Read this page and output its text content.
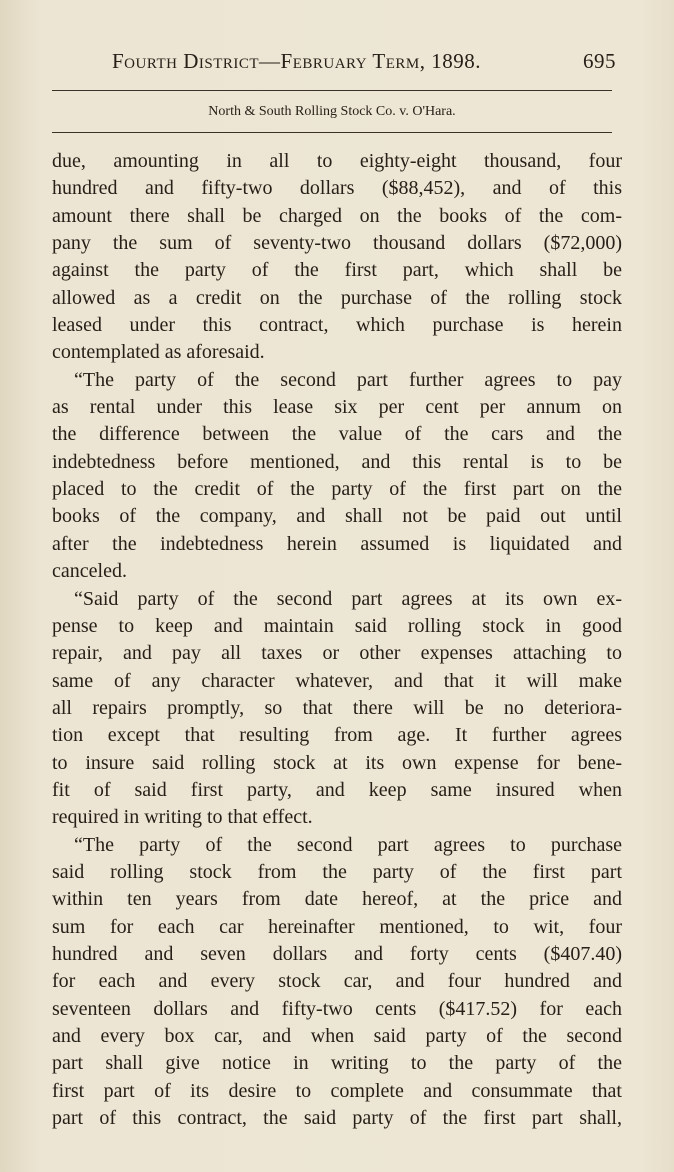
Fourth District—February Term, 1898.	695
North & South Rolling Stock Co. v. O'Hara.
due, amounting in all to eighty-eight thousand, four
hundred and fifty-two dollars ($88,452), and of this
amount there shall be charged on the books of the com-
pany the sum of seventy-two thousand dollars ($72,000)
against the party of the first part, which shall be
allowed as a credit on the purchase of the rolling stock
leased under this contract, which purchase is herein
contemplated as aforesaid.
“The party of the second part further agrees to pay
as rental under this lease six per cent per annum on
the difference between the value of the cars and the
indebtedness before mentioned, and this rental is to be
placed to the credit of the party of the first part on the
books of the company, and shall not be paid out until
after the indebtedness herein assumed is liquidated and
canceled.
“Said party of the second part agrees at its own ex-
pense to keep and maintain said rolling stock in good
repair, and pay all taxes or other expenses attaching to
same of any character whatever, and that it will make
all repairs promptly, so that there will be no deteriora-
tion except that resulting from age. It further agrees
to insure said rolling stock at its own expense for bene-
fit of said first party, and keep same insured when
required in writing to that effect.
“The party of the second part agrees to purchase
said rolling stock from the party of the first part
within ten years from date hereof, at the price and
sum for each car hereinafter mentioned, to wit, four
hundred and seven dollars and forty cents ($407.40)
for each and every stock car, and four hundred and
seventeen dollars and fifty-two cents ($417.52) for each
and every box car, and when said party of the second
part shall give notice in writing to the party of the
first part of its desire to complete and consummate that
part of this contract, the said party of the first part shall,
